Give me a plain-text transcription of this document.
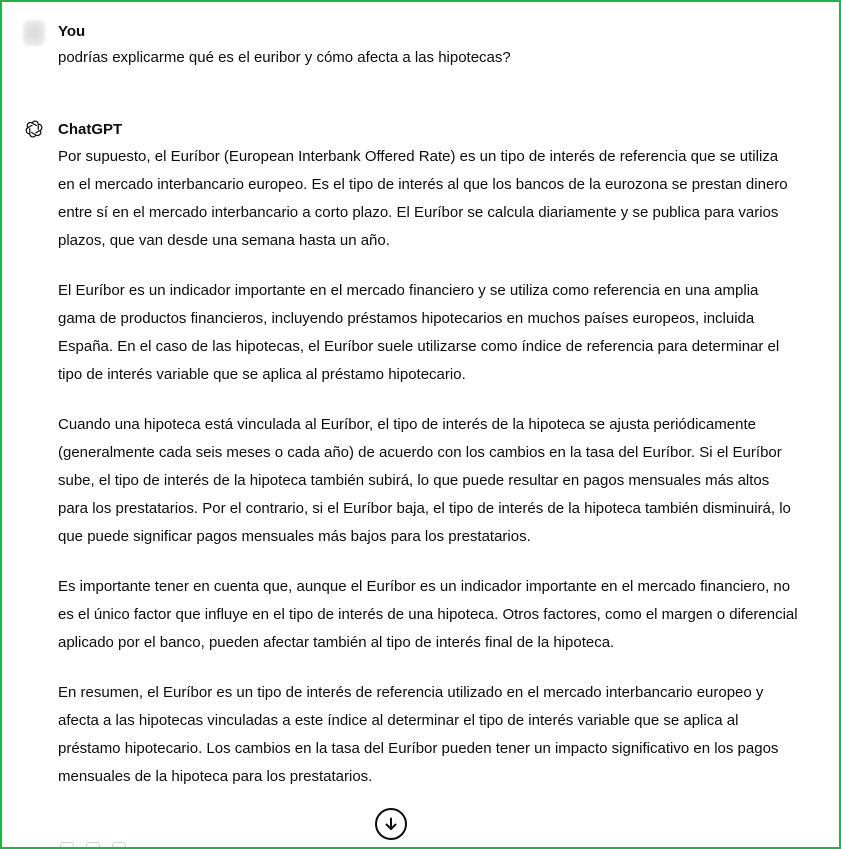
You
podrías explicarme qué es el euribor y cómo afecta a las hipotecas?
ChatGPT

Por supuesto, el Euríbor (European Interbank Offered Rate) es un tipo de interés de referencia que se utiliza en el mercado interbancario europeo. Es el tipo de interés al que los bancos de la eurozona se prestan dinero entre sí en el mercado interbancario a corto plazo. El Euríbor se calcula diariamente y se publica para varios plazos, que van desde una semana hasta un año.

El Euríbor es un indicador importante en el mercado financiero y se utiliza como referencia en una amplia gama de productos financieros, incluyendo préstamos hipotecarios en muchos países europeos, incluida España. En el caso de las hipotecas, el Euríbor suele utilizarse como índice de referencia para determinar el tipo de interés variable que se aplica al préstamo hipotecario.

Cuando una hipoteca está vinculada al Euríbor, el tipo de interés de la hipoteca se ajusta periódicamente (generalmente cada seis meses o cada año) de acuerdo con los cambios en la tasa del Euríbor. Si el Euríbor sube, el tipo de interés de la hipoteca también subirá, lo que puede resultar en pagos mensuales más altos para los prestatarios. Por el contrario, si el Euríbor baja, el tipo de interés de la hipoteca también disminuirá, lo que puede significar pagos mensuales más bajos para los prestatarios.

Es importante tener en cuenta que, aunque el Euríbor es un indicador importante en el mercado financiero, no es el único factor que influye en el tipo de interés de una hipoteca. Otros factores, como el margen o diferencial aplicado por el banco, pueden afectar también al tipo de interés final de la hipoteca.

En resumen, el Euríbor es un tipo de interés de referencia utilizado en el mercado interbancario europeo y afecta a las hipotecas vinculadas a este índice al determinar el tipo de interés variable que se aplica al préstamo hipotecario. Los cambios en la tasa del Euríbor pueden tener un impacto significativo en los pagos mensuales de la hipoteca para los prestatarios.
